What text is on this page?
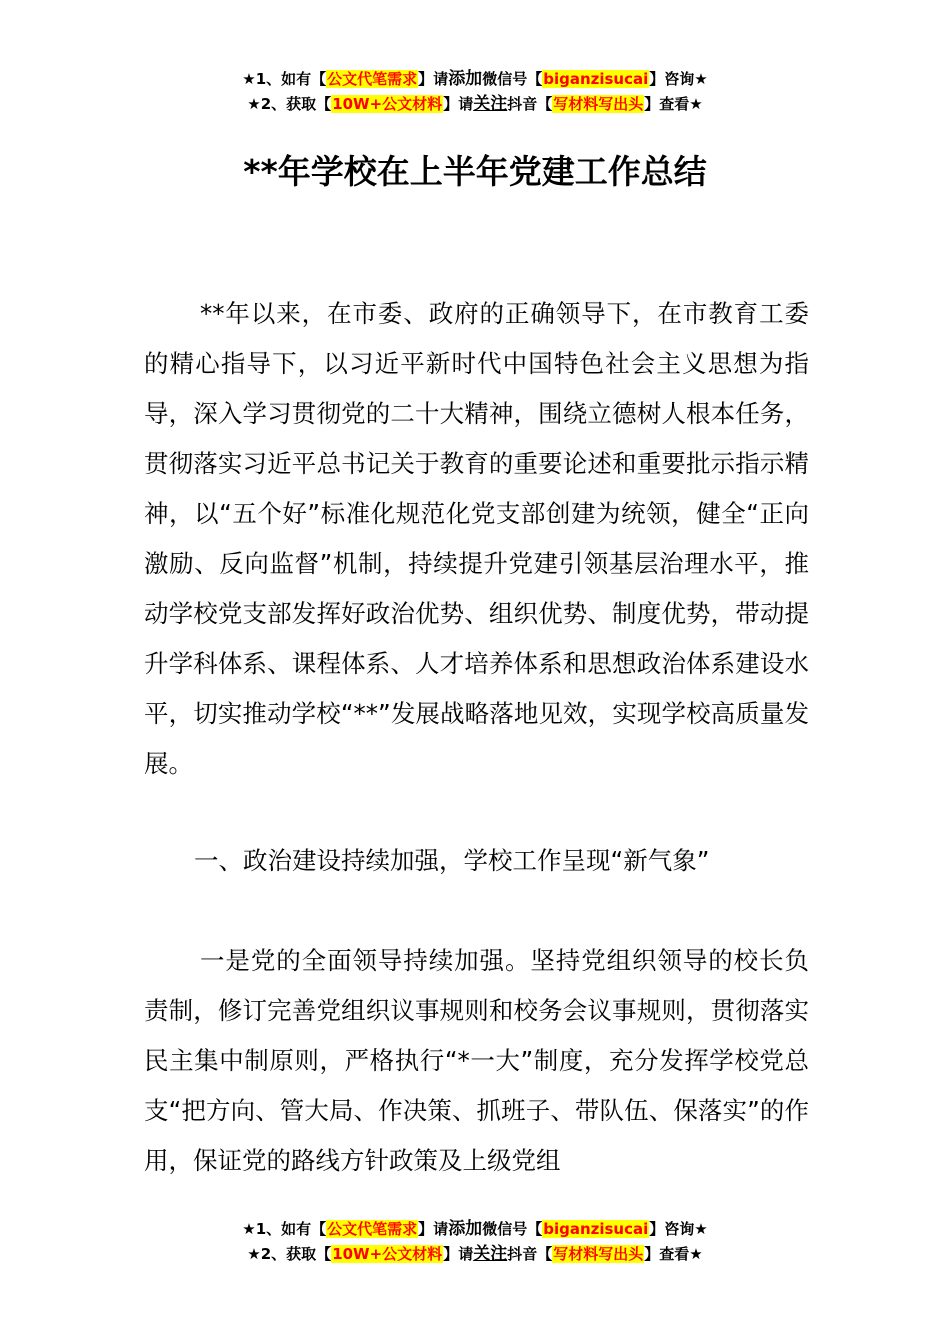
★1、如有【公文代笔需求】请添加微信号【biganzisucai】咨询★
★2、获取【10W+公文材料】请关注抖音【写材料写出头】查看★
**年学校在上半年党建工作总结
**年以来，在市委、政府的正确领导下，在市教育工委的精心指导下，以习近平新时代中国特色社会主义思想为指导，深入学习贯彻党的二十大精神，围绕立德树人根本任务，贯彻落实习近平总书记关于教育的重要论述和重要批示指示精神，以“五个好”标准化规范化党支部创建为统领，健全“正向激励、反向监督”机制，持续提升党建引领基层治理水平，推动学校党支部发挥好政治优势、组织优势、制度优势，带动提升学科体系、课程体系、人才培养体系和思想政治体系建设水平，切实推动学校“**”发展战略落地见效，实现学校高质量发展。
一、政治建设持续加强，学校工作呈现“新气象”
一是党的全面领导持续加强。坚持党组织领导的校长负责制，修订完善党组织议事规则和校务会议事规则，贯彻落实民主集中制原则，严格执行“*一大”制度，充分发挥学校党总支“把方向、管大局、作决策、抓班子、带队伍、保落实”的作用，保证党的路线方针政策及上级党组
★1、如有【公文代笔需求】请添加微信号【biganzisucai】咨询★
★2、获取【10W+公文材料】请关注抖音【写材料写出头】查看★
